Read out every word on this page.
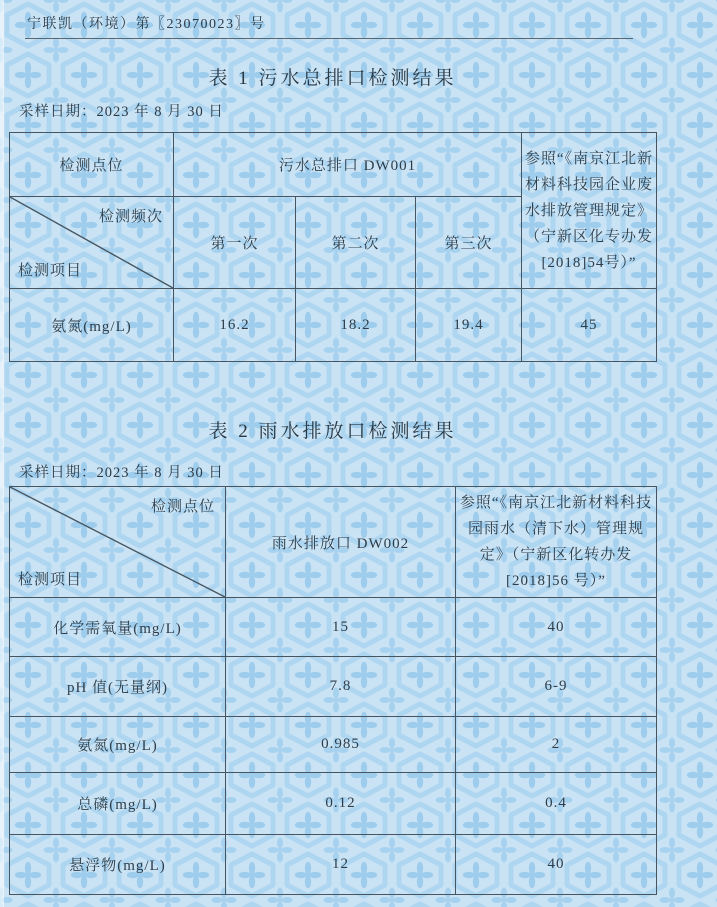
宁联凯（环境）第〖23070023〗号
表 1 污水总排口检测结果
采样日期：2023 年 8 月 30 日
检测点位	污水总排口 DW001			参照“《南京江北新材料科技园企业废水排放管理规定》（宁新区化专办发[2018]54号）”

检测频次
检测项目	第一次	第二次	第三次	
氨氮(mg/L)	16.2	18.2	19.4	45
表 2 雨水排放口检测结果
采样日期：2023 年 8 月 30 日
检测点位
检测项目	雨水排放口 DW002	参照“《南京江北新材料科技园雨水（清下水）管理规定》（宁新区化转办发[2018]56 号）”
化学需氧量(mg/L)	15	40
pH 值(无量纲)	7.8	6-9
氨氮(mg/L)	0.985	2
总磷(mg/L)	0.12	0.4
悬浮物(mg/L)	12	40
